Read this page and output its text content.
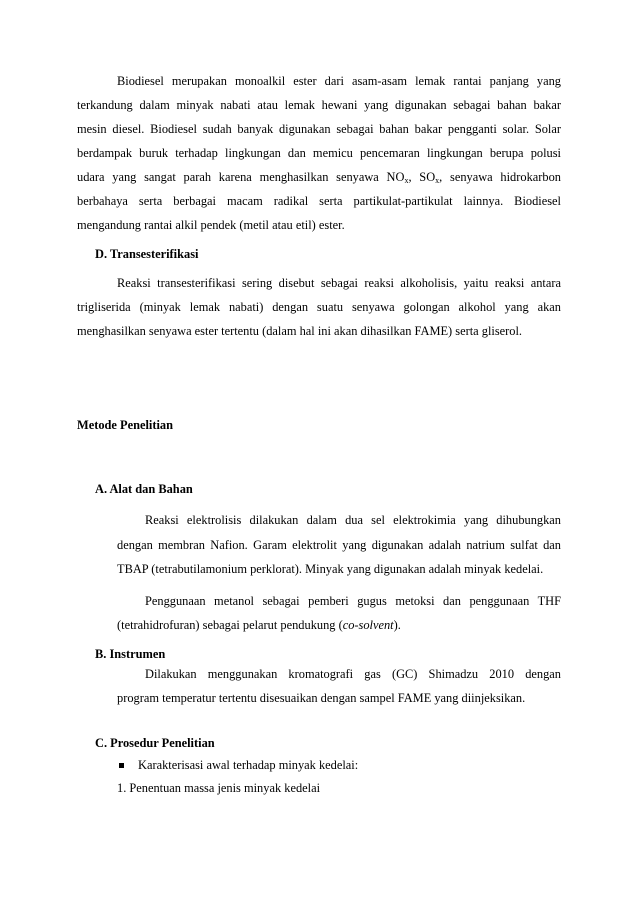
Biodiesel merupakan monoalkil ester dari asam-asam lemak rantai panjang yang
terkandung dalam minyak nabati atau lemak hewani yang digunakan sebagai bahan bakar
mesin diesel. Biodiesel sudah banyak digunakan sebagai bahan bakar pengganti solar. Solar
berdampak buruk terhadap lingkungan dan memicu pencemaran lingkungan berupa polusi
udara yang sangat parah karena menghasilkan senyawa $NO_x$, $SO_x$, senyawa hidrokarbon
berbahaya serta berbagai macam radikal serta partikulat-partikulat lainnya. Biodiesel
mengandung rantai alkil pendek (metil atau etil) ester.
D. Transesterifikasi
Reaksi transesterifikasi sering disebut sebagai reaksi alkoholisis, yaitu reaksi antara
trigliserida (minyak lemak nabati) dengan suatu senyawa golongan alkohol yang akan
menghasilkan senyawa ester tertentu (dalam hal ini akan dihasilkan FAME) serta gliserol.
Metode Penelitian
A. Alat dan Bahan
Reaksi elektrolisis dilakukan dalam dua sel elektrokimia yang dihubungkan
dengan membran Nafion. Garam elektrolit yang digunakan adalah natrium sulfat dan
TBAP (tetrabutilamonium perklorat). Minyak yang digunakan adalah minyak kedelai.
Penggunaan metanol sebagai pemberi gugus metoksi dan penggunaan THF
(tetrahidrofuran) sebagai pelarut pendukung (co-solvent).
B. Instrumen
Dilakukan menggunakan kromatografi gas (GC) Shimadzu 2010 dengan
program temperatur tertentu disesuaikan dengan sampel FAME yang diinjeksikan.
C. Prosedur Penelitian
Karakterisasi awal terhadap minyak kedelai:
1. Penentuan massa jenis minyak kedelai
